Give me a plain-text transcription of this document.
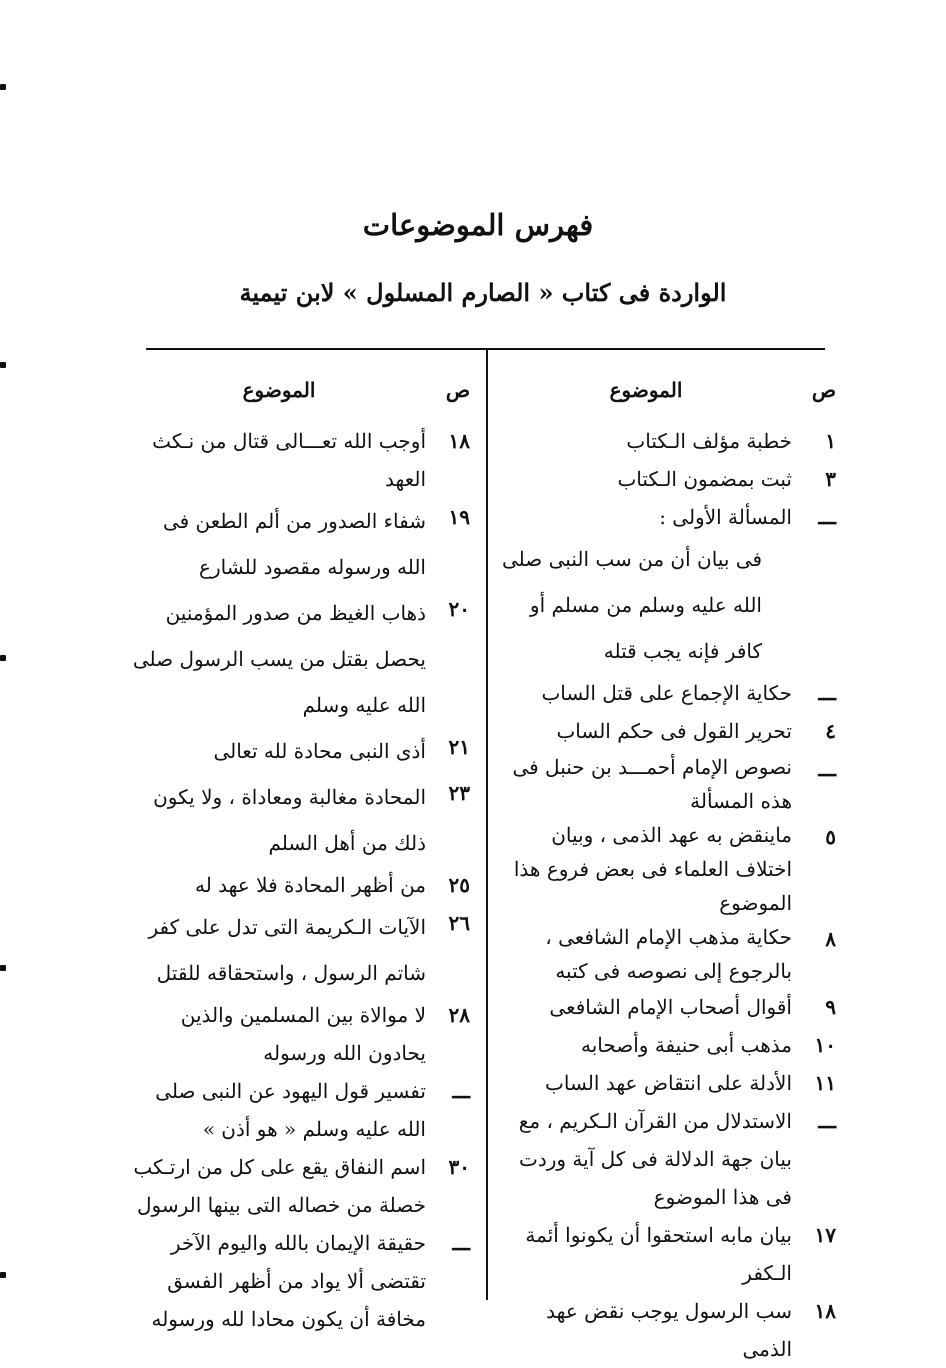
فهرس الموضوعات
الواردة فى كتاب « الصارم المسلول » لابن تيمية
ص
الموضوع
١
خطبة مؤلف الـكتاب
٣
ثبت بمضمون الـكتاب
ـــ
المسألة الأولى :
فى بيان أن من سب النبى صلى الله عليه وسلم من مسلم أو كافر فإنه يجب قتله
ـــ
حكاية الإجماع على قتل الساب
٤
تحرير القول فى حكم الساب
ـــ
نصوص الإمام أحمـــد بن حنبل فى هذه المسألة
٥
ماينقض به عهد الذمى ، وبيان اختلاف العلماء فى بعض فروع هذا الموضوع
٨
حكاية مذهب الإمام الشافعى ، بالرجوع إلى نصوصه فى كتبه
٩
أقوال أصحاب الإمام الشافعى
١٠
مذهب أبى حنيفة وأصحابه
١١
الأدلة على انتقاض عهد الساب
ـــ
الاستدلال من القرآن الـكريم ، مع بيان جهة الدلالة فى كل آية وردت فى هذا الموضوع
١٧
بيان مابه استحقوا أن يكونوا أئمة الـكفر
١٨
سب الرسول يوجب نقض عهد الذمى
ص
الموضوع
١٨
أوجب الله تعـــالى قتال من نـكث العهد
١٩
شفاء الصدور من ألم الطعن فى الله ورسوله مقصود للشارع
٢٠
ذهاب الغيظ من صدور المؤمنين يحصل بقتل من يسب الرسول صلى الله عليه وسلم
٢١
أذى النبى محادة لله تعالى
٢٣
المحادة مغالبة ومعاداة ، ولا يكون ذلك من أهل السلم
٢٥
من أظهر المحادة فلا عهد له
٢٦
الآيات الـكريمة التى تدل على كفر شاتم الرسول ، واستحقاقه للقتل
٢٨
لا موالاة بين المسلمين والذين يحادون الله ورسوله
ـــ
تفسير قول اليهود عن النبى صلى الله عليه وسلم « هو أذن »
٣٠
اسم النفاق يقع على كل من ارتـكب خصلة من خصاله التى بينها الرسول
ـــ
حقيقة الإيمان بالله واليوم الآخر تقتضى ألا يواد من أظهر الفسق مخافة أن يكون محادا لله ورسوله
